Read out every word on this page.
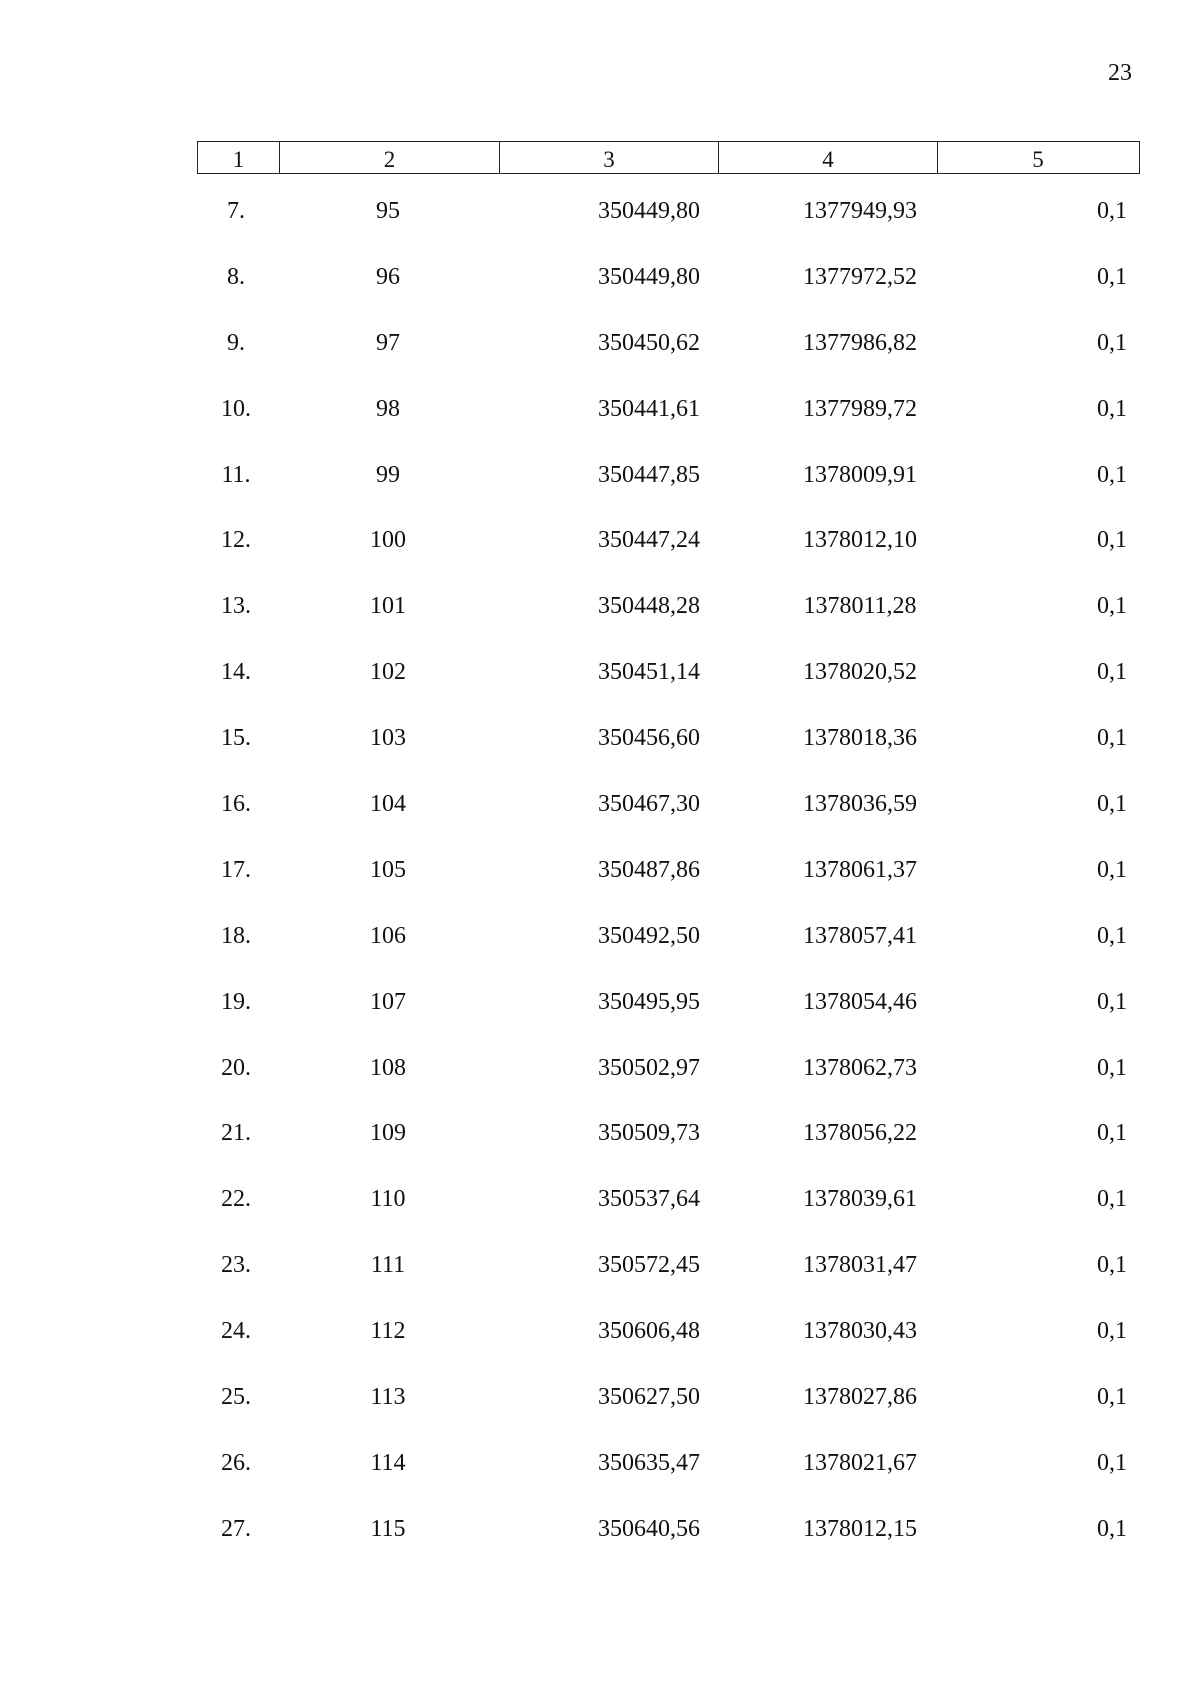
23
1	2	3	4	5
7.	95	350449,80	1377949,93	0,1
8.	96	350449,80	1377972,52	0,1
9.	97	350450,62	1377986,82	0,1
10.	98	350441,61	1377989,72	0,1
11.	99	350447,85	1378009,91	0,1
12.	100	350447,24	1378012,10	0,1
13.	101	350448,28	1378011,28	0,1
14.	102	350451,14	1378020,52	0,1
15.	103	350456,60	1378018,36	0,1
16.	104	350467,30	1378036,59	0,1
17.	105	350487,86	1378061,37	0,1
18.	106	350492,50	1378057,41	0,1
19.	107	350495,95	1378054,46	0,1
20.	108	350502,97	1378062,73	0,1
21.	109	350509,73	1378056,22	0,1
22.	110	350537,64	1378039,61	0,1
23.	111	350572,45	1378031,47	0,1
24.	112	350606,48	1378030,43	0,1
25.	113	350627,50	1378027,86	0,1
26.	114	350635,47	1378021,67	0,1
27.	115	350640,56	1378012,15	0,1
